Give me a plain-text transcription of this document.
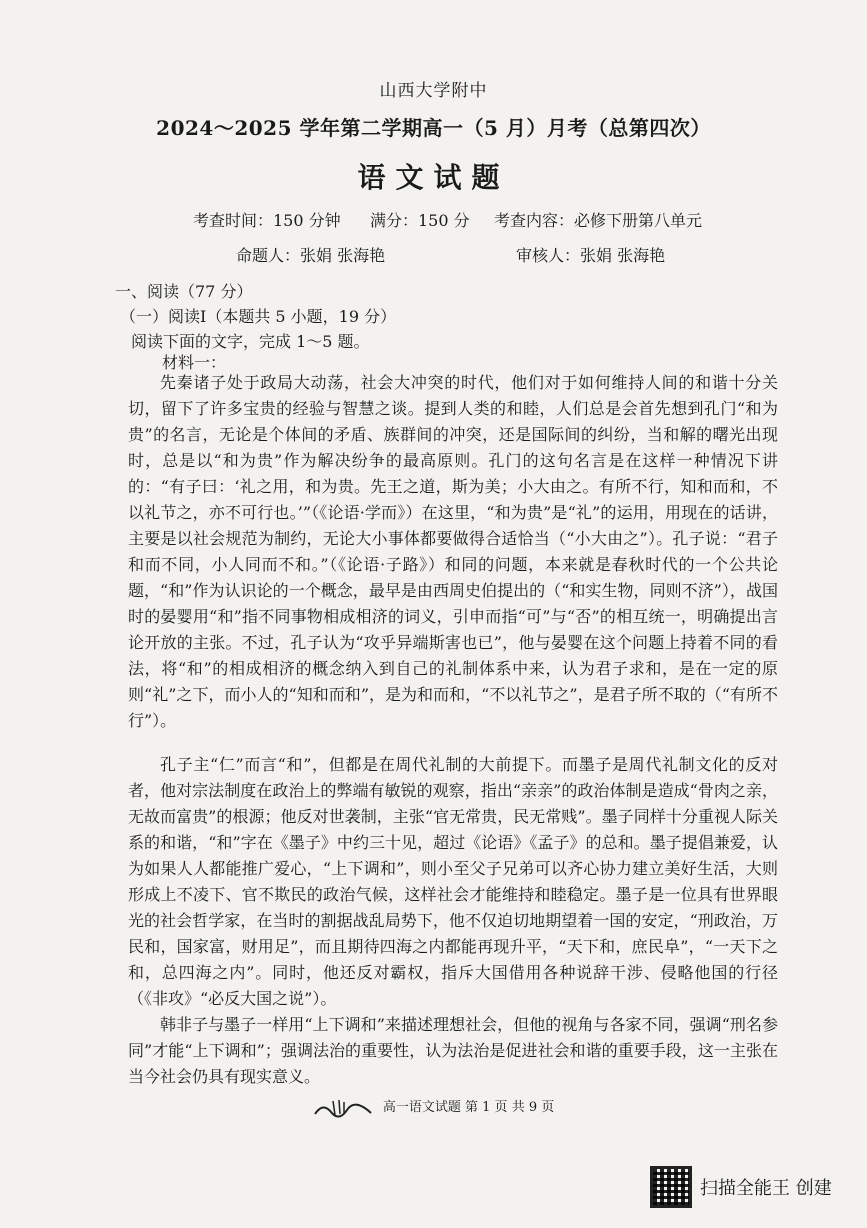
山西大学附中
2024～2025 学年第二学期高一（5 月）月考（总第四次）
语文试题
考查时间：150 分钟 满分：150 分 考查内容：必修下册第八单元
命题人：张娟 张海艳	审核人：张娟 张海艳
一、阅读（77 分）
（一）阅读Ⅰ（本题共 5 小题，19 分）
阅读下面的文字，完成 1～5 题。
材料一：

先秦诸子处于政局大动荡，社会大冲突的时代，他们对于如何维持人间的和谐十分关切，留下了许多宝贵的经验与智慧之谈。提到人类的和睦，人们总是会首先想到孔门“和为贵”的名言，无论是个体间的矛盾、族群间的冲突，还是国际间的纠纷，当和解的曙光出现时，总是以“和为贵”作为解决纷争的最高原则。孔门的这句名言是在这样一种情况下讲的：“有子曰：‘礼之用，和为贵。先王之道，斯为美；小大由之。有所不行，知和而和，不以礼节之，亦不可行也。’”（《论语·学而》）在这里，“和为贵”是“礼”的运用，用现在的话讲，主要是以社会规范为制约，无论大小事体都要做得合适恰当（“小大由之”）。孔子说：“君子和而不同，小人同而不和。”（《论语·子路》）和同的问题，本来就是春秋时代的一个公共论题，“和”作为认识论的一个概念，最早是由西周史伯提出的（“和实生物，同则不济”），战国时的晏婴用“和”指不同事物相成相济的词义，引申而指“可”与“否”的相互统一，明确提出言论开放的主张。不过，孔子认为“攻乎异端斯害也已”，他与晏婴在这个问题上持着不同的看法，将“和”的相成相济的概念纳入到自己的礼制体系中来，认为君子求和，是在一定的原则“礼”之下，而小人的“知和而和”，是为和而和，“不以礼节之”，是君子所不取的（“有所不行”）。

孔子主“仁”而言“和”，但都是在周代礼制的大前提下。而墨子是周代礼制文化的反对者，他对宗法制度在政治上的弊端有敏锐的观察，指出“亲亲”的政治体制是造成“骨肉之亲，无故而富贵”的根源；他反对世袭制，主张“官无常贵，民无常贱”。墨子同样十分重视人际关系的和谐，“和”字在《墨子》中约三十见，超过《论语》《孟子》的总和。墨子提倡兼爱，认为如果人人都能推广爱心，“上下调和”，则小至父子兄弟可以齐心协力建立美好生活，大则形成上不凌下、官不欺民的政治气候，这样社会才能维持和睦稳定。墨子是一位具有世界眼光的社会哲学家，在当时的割据战乱局势下，他不仅迫切地期望着一国的安定，“刑政治，万民和，国家富，财用足”，而且期待四海之内都能再现升平，“天下和，庶民阜”，“一天下之和，总四海之内”。同时，他还反对霸权，指斥大国借用各种说辞干涉、侵略他国的行径（《非攻》“必反大国之说”）。

韩非子与墨子一样用“上下调和”来描述理想社会，但他的视角与各家不同，强调“刑名参同”才能“上下调和”；强调法治的重要性，认为法治是促进社会和谐的重要手段，这一主张在当今社会仍具有现实意义。

高一语文试题 第 1 页 共 9 页
扫描全能王 创建
